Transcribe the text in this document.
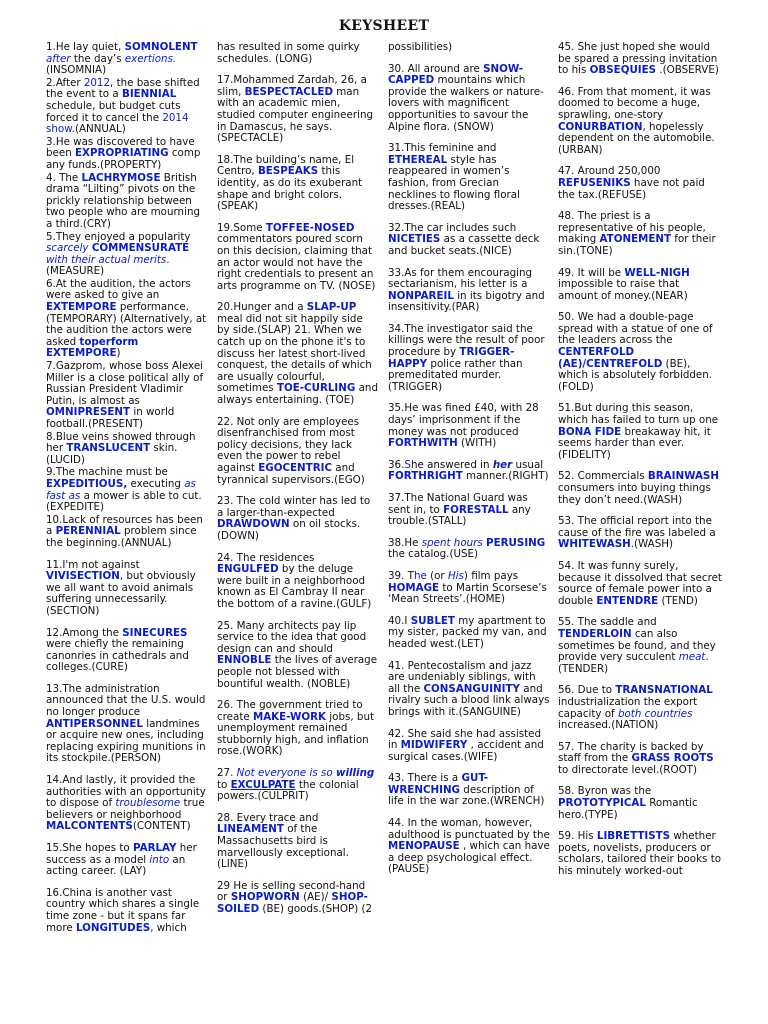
KEYSHEET
1.He lay quiet, SOMNOLENT after the day’s exertions.(INSOMNIA)
2.After 2012, the base shifted the event to a BIENNIAL schedule, but budget cuts forced it to cancel the 2014 show.(ANNUAL)
3.He was discovered to have been EXPROPRIATING comp any funds.(PROPERTY)
4. The LACHRYMOSE British drama “Lilting” pivots on the prickly relationship between two people who are mourning a third.(CRY)
5.They enjoyed a popularity scarcely COMMENSURATE with their actual merits.(MEASURE)
6.At the audition, the actors were asked to give an EXTEMPORE performance.(TEMPORARY) (Alternatively, at the audition the actors were asked toperform EXTEMPORE)
7.Gazprom, whose boss Alexei Miller is a close political ally of Russian President Vladimir Putin, is almost as OMNIPRESENT in world football.(PRESENT)
8.Blue veins showed through her TRANSLUCENT skin.(LUCID)
9.The machine must be EXPEDITIOUS, executing as fast as a mower is able to cut.(EXPEDITE)
10.Lack of resources has been a PERENNIAL problem since the beginning.(ANNUAL)
11.I'm not against VIVISECTION, but obviously we all want to avoid animals suffering unnecessarily.(SECTION)
12.Among the SINECURES were chiefly the remaining canonries in cathedrals and colleges.(CURE)
13.The administration announced that the U.S. would no longer produce ANTIPERSONNEL landmines or acquire new ones, including replacing expiring munitions in its stockpile.(PERSON)
14.And lastly, it provided the authorities with an opportunity to dispose of troublesome true believers or neighborhood MALCONTENTS(CONTENT)
15.She hopes to PARLAY her success as a model into an acting career. (LAY)
16.China is another vast country which shares a single time zone - but it spans far more LONGITUDES, which
has resulted in some quirky schedules. (LONG)
17.Mohammed Zardah, 26, a slim, BESPECTACLED man with an academic mien, studied computer engineering in Damascus, he says.(SPECTACLE)
18.The building’s name, El Centro, BESPEAKS this identity, as do its exuberant shape and bright colors.(SPEAK)
19.Some TOFFEE-NOSED commentators poured scorn on this decision, claiming that an actor would not have the right credentials to present an arts programme on TV. (NOSE)
20.Hunger and a SLAP-UP meal did not sit happily side by side.(SLAP) 21. When we catch up on the phone it's to discuss her latest short-lived conquest, the details of which are usually colourful, sometimes TOE-CURLING and always entertaining. (TOE)
22. Not only are employees disenfranchised from most policy decisions, they lack even the power to rebel against EGOCENTRIC and tyrannical supervisors.(EGO)
23. The cold winter has led to a larger-than-expected DRAWDOWN on oil stocks.(DOWN)
24. The residences ENGULFED by the deluge were built in a neighborhood known as El Cambray II near the bottom of a ravine.(GULF)
25. Many architects pay lip service to the idea that good design can and should ENNOBLE the lives of average people not blessed with bountiful wealth. (NOBLE)
26. The government tried to create MAKE-WORK jobs, but unemployment remained stubbornly high, and inflation rose.(WORK)
27. Not everyone is so willing to EXCULPATE the colonial powers.(CULPRIT)
28. Every trace and LINEAMENT of the Massachusetts bird is marvellously exceptional.(LINE)
29 He is selling second-hand or SHOPWORN (AE)/ SHOP-SOILED (BE) goods.(SHOP) (2
possibilities)
30. All around are SNOW-CAPPED mountains which provide the walkers or nature-lovers with magnificent opportunities to savour the Alpine flora. (SNOW)
31.This feminine and ETHEREAL style has reappeared in women’s fashion, from Grecian necklines to flowing floral dresses.(REAL)
32.The car includes such NICETIES as a cassette deck and bucket seats.(NICE)
33.As for them encouraging sectarianism, his letter is a NONPAREIL in its bigotry and insensitivity.(PAR)
34.The investigator said the killings were the result of poor procedure by TRIGGER-HAPPY police rather than premeditated murder.(TRIGGER)
35.He was fined £40, with 28 days’ imprisonment if the money was not produced FORTHWITH (WITH)
36.She answered in her usual FORTHRIGHT manner.(RIGHT)
37.The National Guard was sent in, to FORESTALL any trouble.(STALL)
38.He spent hours PERUSING the catalog.(USE)
39. The (or His) film pays HOMAGE to Martin Scorsese’s ‘Mean Streets’.(HOME)
40.I SUBLET my apartment to my sister, packed my van, and headed west.(LET)
41. Pentecostalism and jazz are undeniably siblings, with all the CONSANGUINITY and rivalry such a blood link always brings with it.(SANGUINE)
42. She said she had assisted in MIDWIFERY , accident and surgical cases.(WIFE)
43. There is a GUT-WRENCHING description of life in the war zone.(WRENCH)
44. In the woman, however, adulthood is punctuated by the MENOPAUSE , which can have a deep psychological effect.(PAUSE)
45. She just hoped she would be spared a pressing invitation to his OBSEQUIES .(OBSERVE)
46. From that moment, it was doomed to become a huge, sprawling, one-story CONURBATION, hopelessly dependent on the automobile.(URBAN)
47. Around 250,000 REFUSENIKS have not paid the tax.(REFUSE)
48. The priest is a representative of his people, making ATONEMENT for their sin.(TONE)
49. It will be WELL-NIGH impossible to raise that amount of money.(NEAR)
50. We had a double-page spread with a statue of one of the leaders across the CENTERFOLD (AE)/CENTREFOLD (BE), which is absolutely forbidden.(FOLD)
51.But during this season, which has failed to turn up one BONA FIDE breakaway hit, it seems harder than ever.(FIDELITY)
52. Commercials BRAINWASH consumers into buying things they don’t need.(WASH)
53. The official report into the cause of the fire was labeled a WHITEWASH.(WASH)
54. It was funny surely, because it dissolved that secret source of female power into a double ENTENDRE (TEND)
55. The saddle and TENDERLOIN can also sometimes be found, and they provide very succulent meat.(TENDER)
56. Due to TRANSNATIONAL industrialization the export capacity of both countries increased.(NATION)
57. The charity is backed by staff from the GRASS ROOTS to directorate level.(ROOT)
58. Byron was the PROTOTYPICAL Romantic hero.(TYPE)
59. His LIBRETTISTS whether poets, novelists, producers or scholars, tailored their books to his minutely worked-out
